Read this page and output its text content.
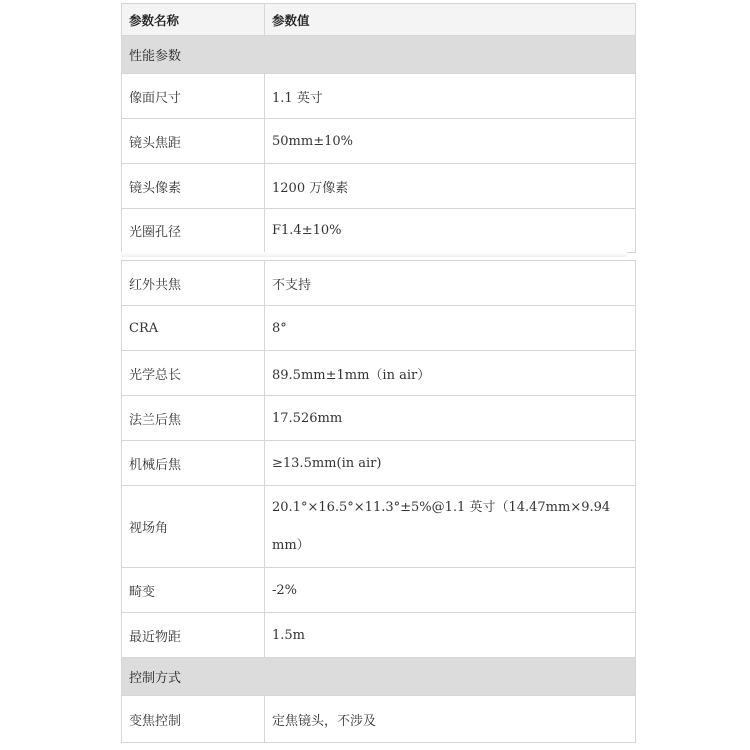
参数名称	参数值
性能参数	
像面尺寸	1.1 英寸
镜头焦距	50mm±10%
镜头像素	1200 万像素
光圈孔径	F1.4±10%
红外共焦	不支持
CRA	8°
光学总长	89.5mm±1mm（in air）
法兰后焦	17.526mm
机械后焦	≥13.5mm(in air)
视场角	20.1°×16.5°×11.3°±5%@1.1 英寸（14.47mm×9.94mm）
畸变	-2%
最近物距	1.5m
控制方式	
变焦控制	定焦镜头，不涉及
